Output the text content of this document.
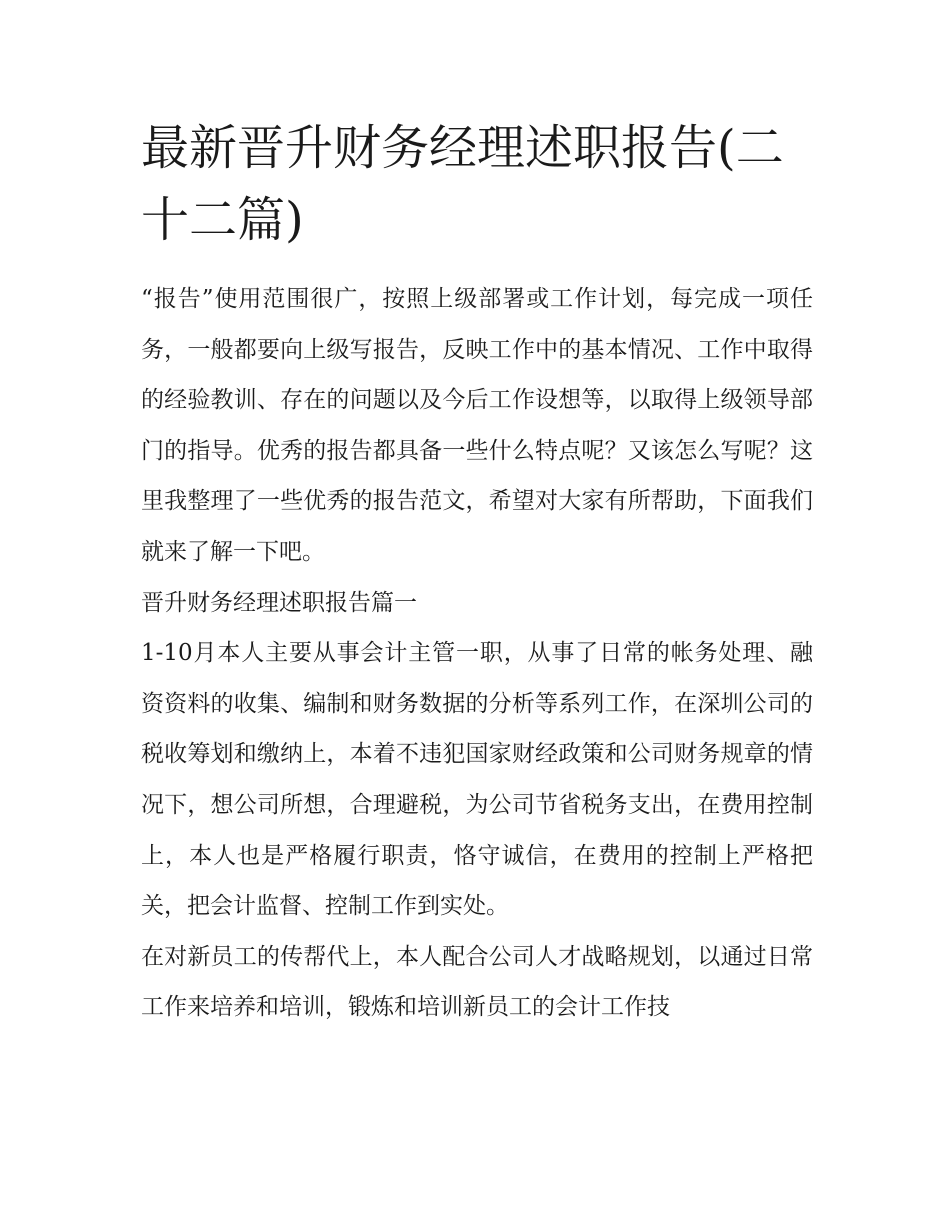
最新晋升财务经理述职报告(二十二篇)

“报告”使用范围很广，按照上级部署或工作计划，每完成一项任务，一般都要向上级写报告，反映工作中的基本情况、工作中取得的经验教训、存在的问题以及今后工作设想等，以取得上级领导部门的指导。优秀的报告都具备一些什么特点呢？又该怎么写呢？这里我整理了一些优秀的报告范文，希望对大家有所帮助，下面我们就来了解一下吧。

晋升财务经理述职报告篇一

1-10月本人主要从事会计主管一职，从事了日常的帐务处理、融资资料的收集、编制和财务数据的分析等系列工作，在深圳公司的税收筹划和缴纳上，本着不违犯国家财经政策和公司财务规章的情况下，想公司所想，合理避税，为公司节省税务支出，在费用控制上，本人也是严格履行职责，恪守诚信，在费用的控制上严格把关，把会计监督、控制工作到实处。

在对新员工的传帮代上，本人配合公司人才战略规划，以通过日常工作来培养和培训，锻炼和培训新员工的会计工作技
